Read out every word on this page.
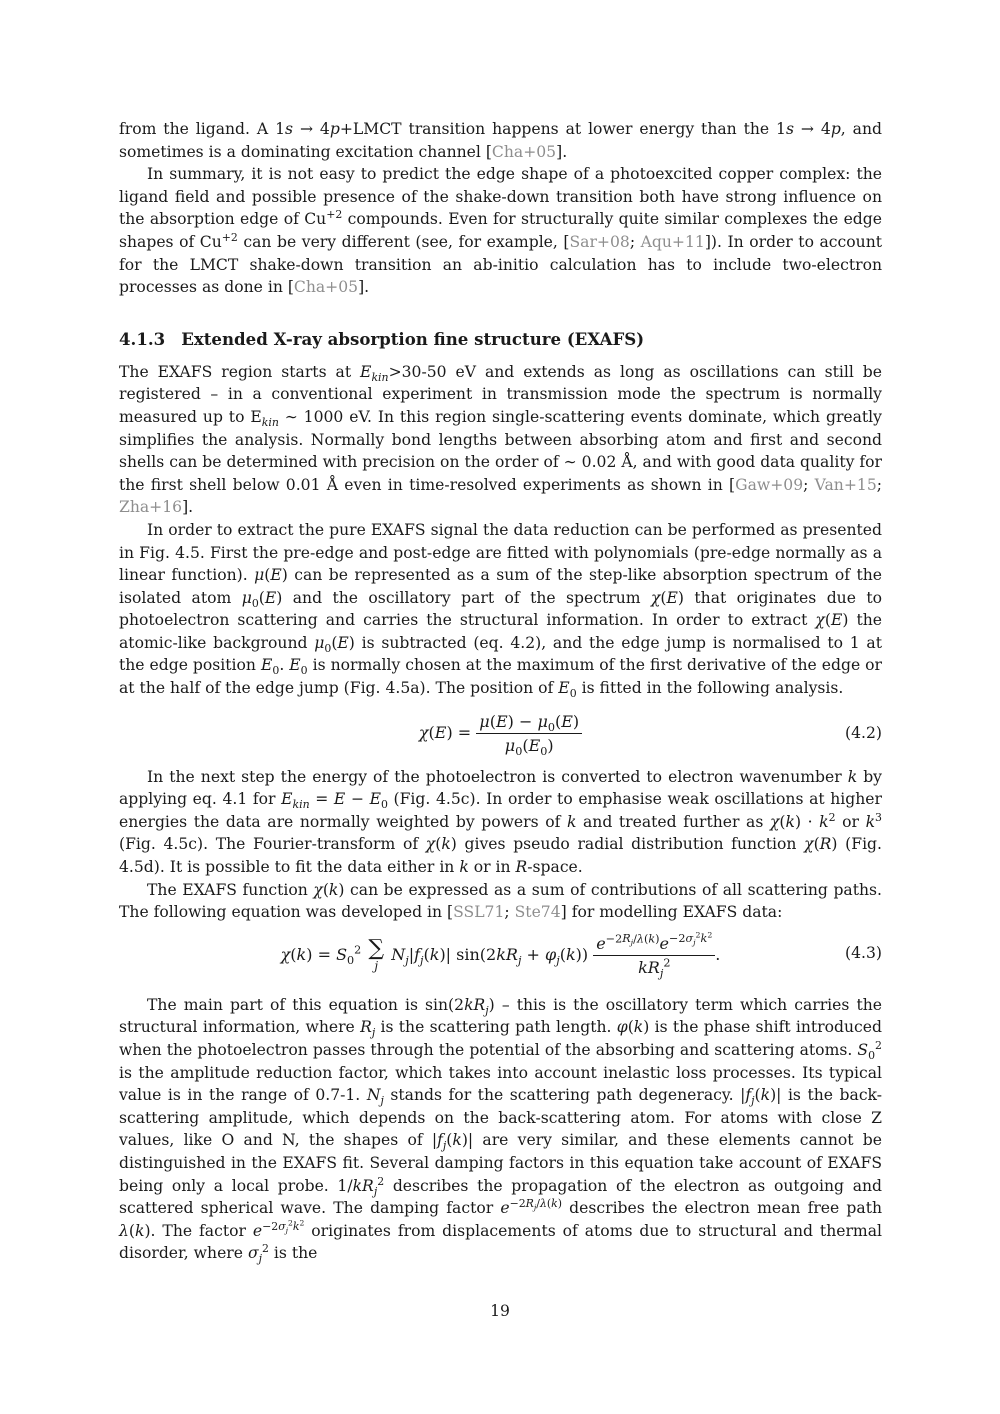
from the ligand. A 1s → 4p+LMCT transition happens at lower energy than the 1s → 4p, and sometimes is a dominating excitation channel [Cha+05].

In summary, it is not easy to predict the edge shape of a photoexcited copper complex: the ligand field and possible presence of the shake-down transition both have strong influence on the absorption edge of $Cu^{+2}$ compounds. Even for structurally quite similar complexes the edge shapes of $Cu^{+2}$ can be very different (see, for example, [Sar+08; Aqu+11]). In order to account for the LMCT shake-down transition an ab-initio calculation has to include two-electron processes as done in [Cha+05].

4.1.3 Extended X-ray absorption fine structure (EXAFS)

The EXAFS region starts at $E_{kin}>30-50$ eV and extends as long as oscillations can still be registered – in a conventional experiment in transmission mode the spectrum is normally measured up to $E_{kin}$ ∼ 1000 eV. In this region single-scattering events dominate, which greatly simplifies the analysis. Normally bond lengths between absorbing atom and first and second shells can be determined with precision on the order of ∼ 0.02 Å, and with good data quality for the first shell below 0.01 Å even in time-resolved experiments as shown in [Gaw+09; Van+15; Zha+16].

In order to extract the pure EXAFS signal the data reduction can be performed as presented in Fig. 4.5. First the pre-edge and post-edge are fitted with polynomials (pre-edge normally as a linear function). μ(E) can be represented as a sum of the step-like absorption spectrum of the isolated atom $\mu_0(E)$ and the oscillatory part of the spectrum χ(E) that originates due to photoelectron scattering and carries the structural information. In order to extract χ(E) the atomic-like background $\mu_0(E)$ is subtracted (eq. 4.2), and the edge jump is normalised to 1 at the edge position $E_0$. $E_0$ is normally chosen at the maximum of the first derivative of the edge or at the half of the edge jump (Fig. 4.5a). The position of $E_0$ is fitted in the following analysis.

$\chi(E) = \frac{\mu(E) - \mu_0(E)}{\mu_0(E_0)}$	(4.2)

In the next step the energy of the photoelectron is converted to electron wavenumber k by applying eq. 4.1 for $E_{kin} = E - E_0$ (Fig. 4.5c). In order to emphasise weak oscillations at higher energies the data are normally weighted by powers of k and treated further as $\chi(k) \cdot k^2$ or $k^3$ (Fig. 4.5c). The Fourier-transform of χ(k) gives pseudo radial distribution function χ(R) (Fig. 4.5d). It is possible to fit the data either in k or in R-space.

The EXAFS function χ(k) can be expressed as a sum of contributions of all scattering paths. The following equation was developed in [SSL71; Ste74] for modelling EXAFS data:

$\chi(k) = S_0^2$ ∑
j
$N_j|f_j(k)|$ $\sin(2kR_j + \varphi_j(k)) \frac{e^{-2R_j/\lambda(k)}e^{-2\sigma_j^2k^2}}{kR_j^2}$ .	(4.3)

The main part of this equation is $\sin(2kR_j)$ – this is the oscillatory term which carries the structural information, where $R_j$ is the scattering path length. φ(k) is the phase shift introduced when the photoelectron passes through the potential of the absorbing and scattering atoms. $S_0^2$ is the amplitude reduction factor, which takes into account inelastic loss processes. Its typical value is in the range of 0.7-1. $N_j$ stands for the scattering path degeneracy. $|f_j(k)|$ is the back-scattering amplitude, which depends on the back-scattering atom. For atoms with close Z values, like O and N, the shapes of $|f_j(k)|$ are very similar, and these elements cannot be distinguished in the EXAFS fit. Several damping factors in this equation take account of EXAFS being only a local probe. $1/kR_j^2$ describes the propagation of the electron as outgoing and scattered spherical wave. The damping factor $e^{-2R_j/\lambda(k)}$ describes the electron mean free path λ(k). The factor $e^{-2\sigma_j^2k^2}$ originates from displacements of atoms due to structural and thermal disorder, where $\sigma_j^2$ is the

19
